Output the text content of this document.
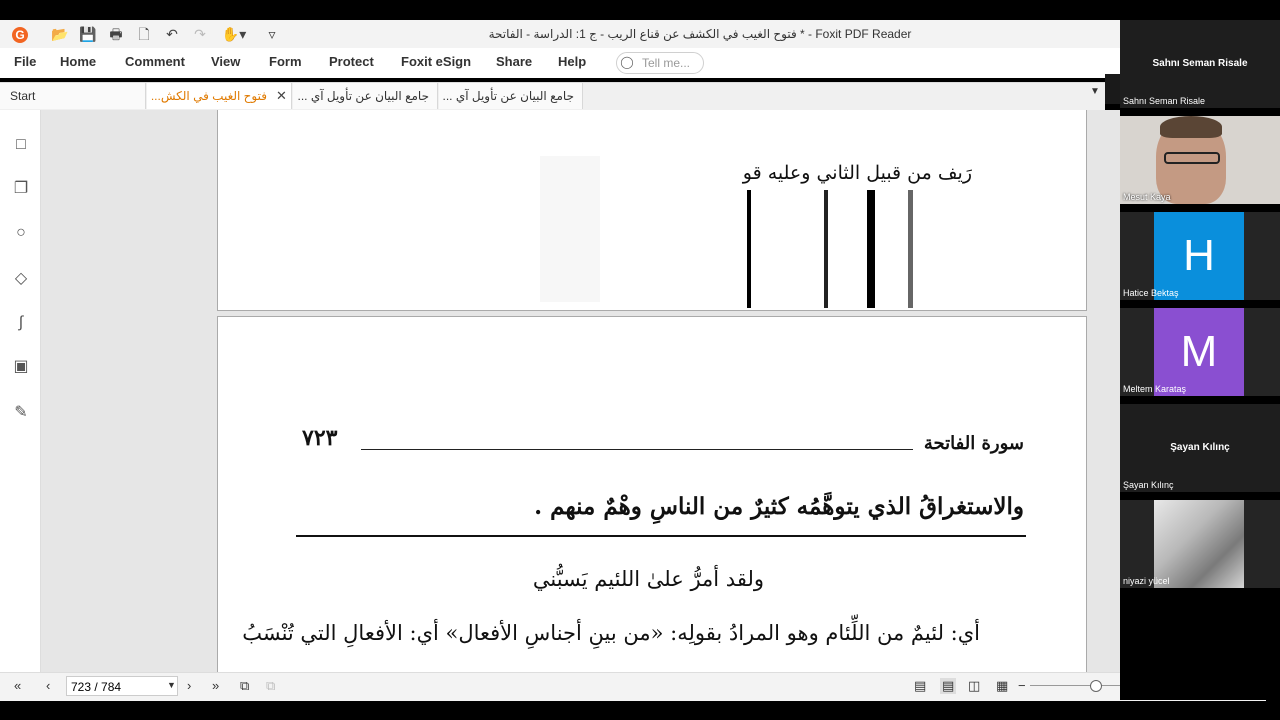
G 📂 💾 🖶	🗋	↶ ↷ ✋▾	▿	فتوح الغيب في الكشف عن قناع الريب - ج 1: الدراسة - الفاتحة * - Foxit PDF Reader
File Home Comment View Form Protect Foxit eSign Share Help	◯ Tell me...
Start	فتوح الغيب في الكش... ✕ جامع البيان عن تأويل آي ...	جامع البيان عن تأويل آي ...	▼
□
❐
○
◇
∫
▣
✎
رَيف من قبيل الثاني وعليه قو
سورة الفاتحة
٧٢٣
والاستغراقُ الذي يتوهَّمُه كثيرٌ من الناسِ وهْمٌ منهم .
ولقد أمرُّ علىٰ اللئيم يَسبُّني
أي: لئيمٌ من اللِّئام وهو المرادُ بقولِه: «من بينِ أجناسِ الأفعال» أي: الأفعالِ التي تُنْسَبُ
« ‹	723 / 784	▼ › » ⧉ ⧉	▤ ▤ ◫ ▦ −
Sahnı Seman Risale
Sahnı Seman Risale
Mesut Kaya
H
Hatice Bektaş
M
Meltem Karataş
Şayan Kılınç
Şayan Kılınç
niyazi yücel
